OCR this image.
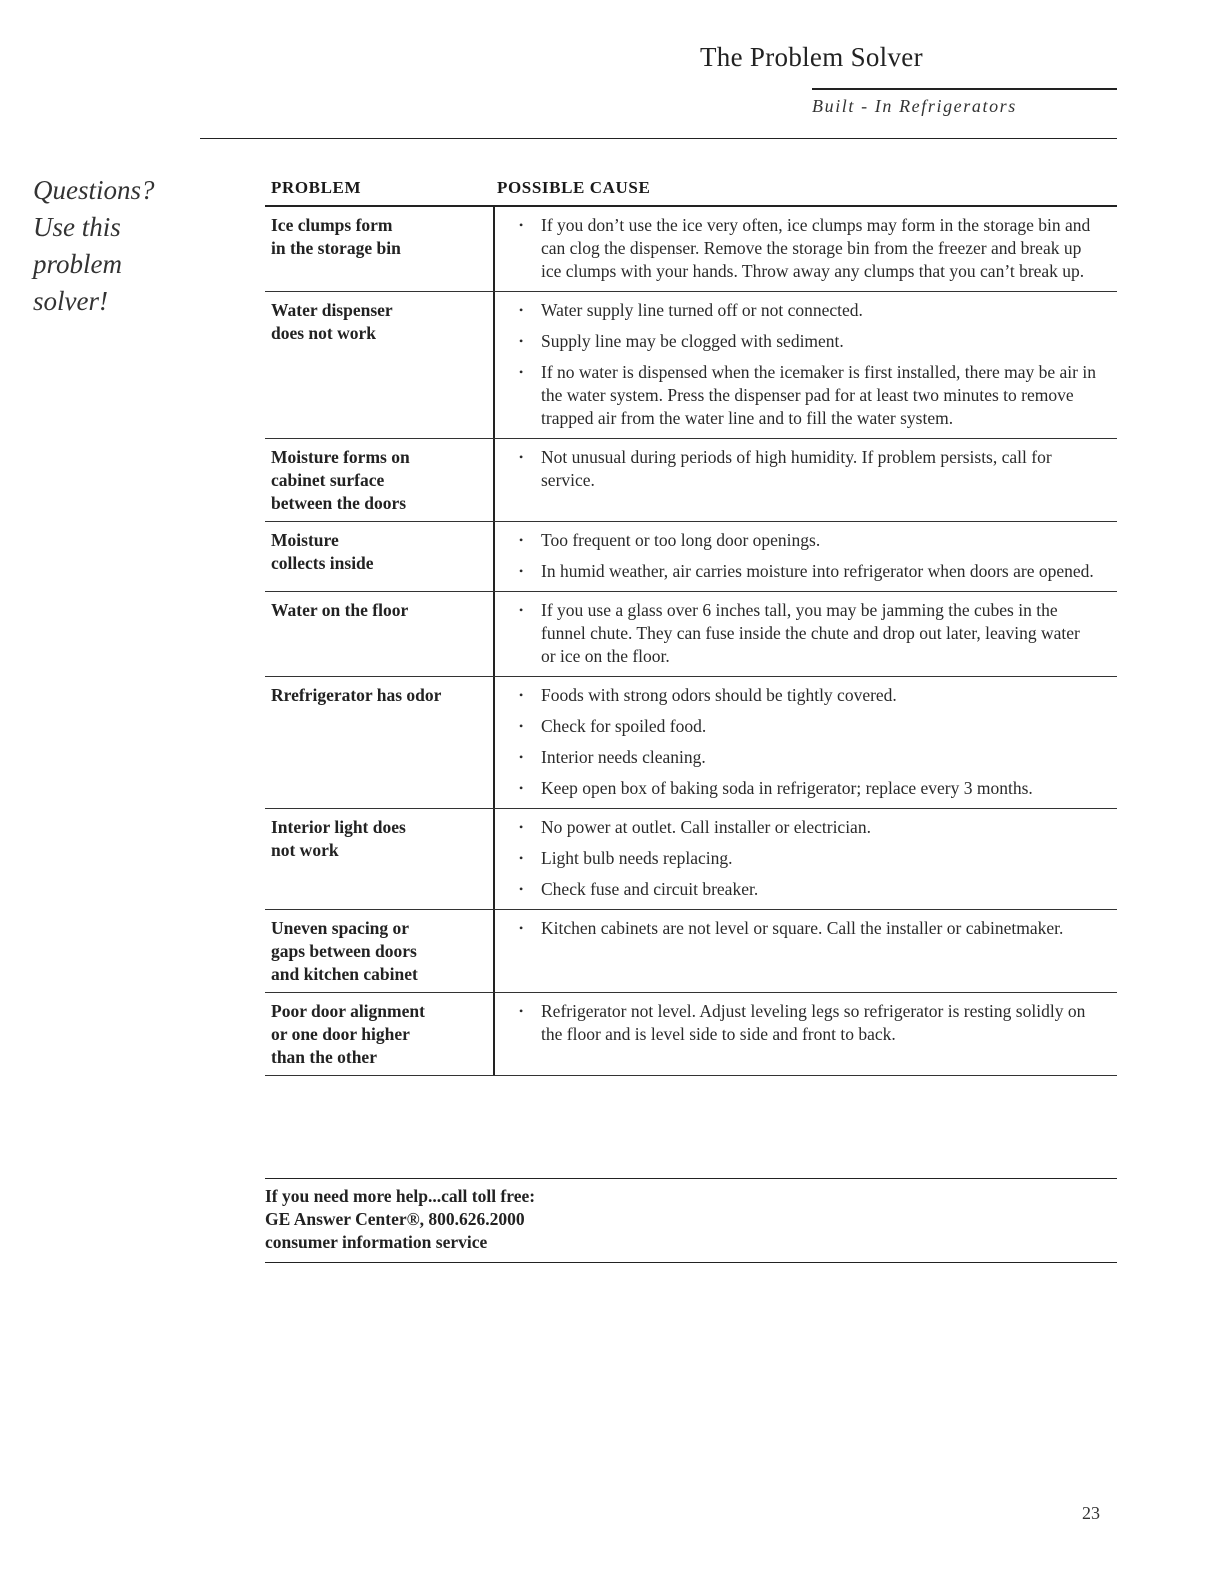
The Problem Solver
Built - In Refrigerators
Questions?
Use this
problem
solver!
PROBLEM	POSSIBLE CAUSE
Ice clumps form
in the storage bin
•	If you don’t use the ice very often, ice clumps may form in the storage bin and can clog the dispenser. Remove the storage bin from the freezer and break up ice clumps with your hands. Throw away any clumps that you can’t break up.
Water dispenser
does not work
•	Water supply line turned off or not connected.
•	Supply line may be clogged with sediment.
•	If no water is dispensed when the icemaker is first installed, there may be air in the water system. Press the dispenser pad for at least two minutes to remove trapped air from the water line and to fill the water system.
Moisture forms on
cabinet surface
between the doors
•	Not unusual during periods of high humidity. If problem persists, call for service.
Moisture
collects inside
•	Too frequent or too long door openings.
•	In humid weather, air carries moisture into refrigerator when doors are opened.
Water on the floor	•	If you use a glass over 6 inches tall, you may be jamming the cubes in the funnel chute. They can fuse inside the chute and drop out later, leaving water or ice on the floor.
Rrefrigerator has odor	•	Foods with strong odors should be tightly covered.
•	Check for spoiled food.
•	Interior needs cleaning.
•	Keep open box of baking soda in refrigerator; replace every 3 months.
Interior light does
not work
•	No power at outlet. Call installer or electrician.
•	Light bulb needs replacing.
•	Check fuse and circuit breaker.
Uneven spacing or
gaps between doors
and kitchen cabinet
•	Kitchen cabinets are not level or square. Call the installer or cabinetmaker.
Poor door alignment
or one door higher
than the other
•	Refrigerator not level. Adjust leveling legs so refrigerator is resting solidly on the floor and is level side to side and front to back.
If you need more help...call toll free:
GE Answer Center®, 800.626.2000
consumer information service
23
